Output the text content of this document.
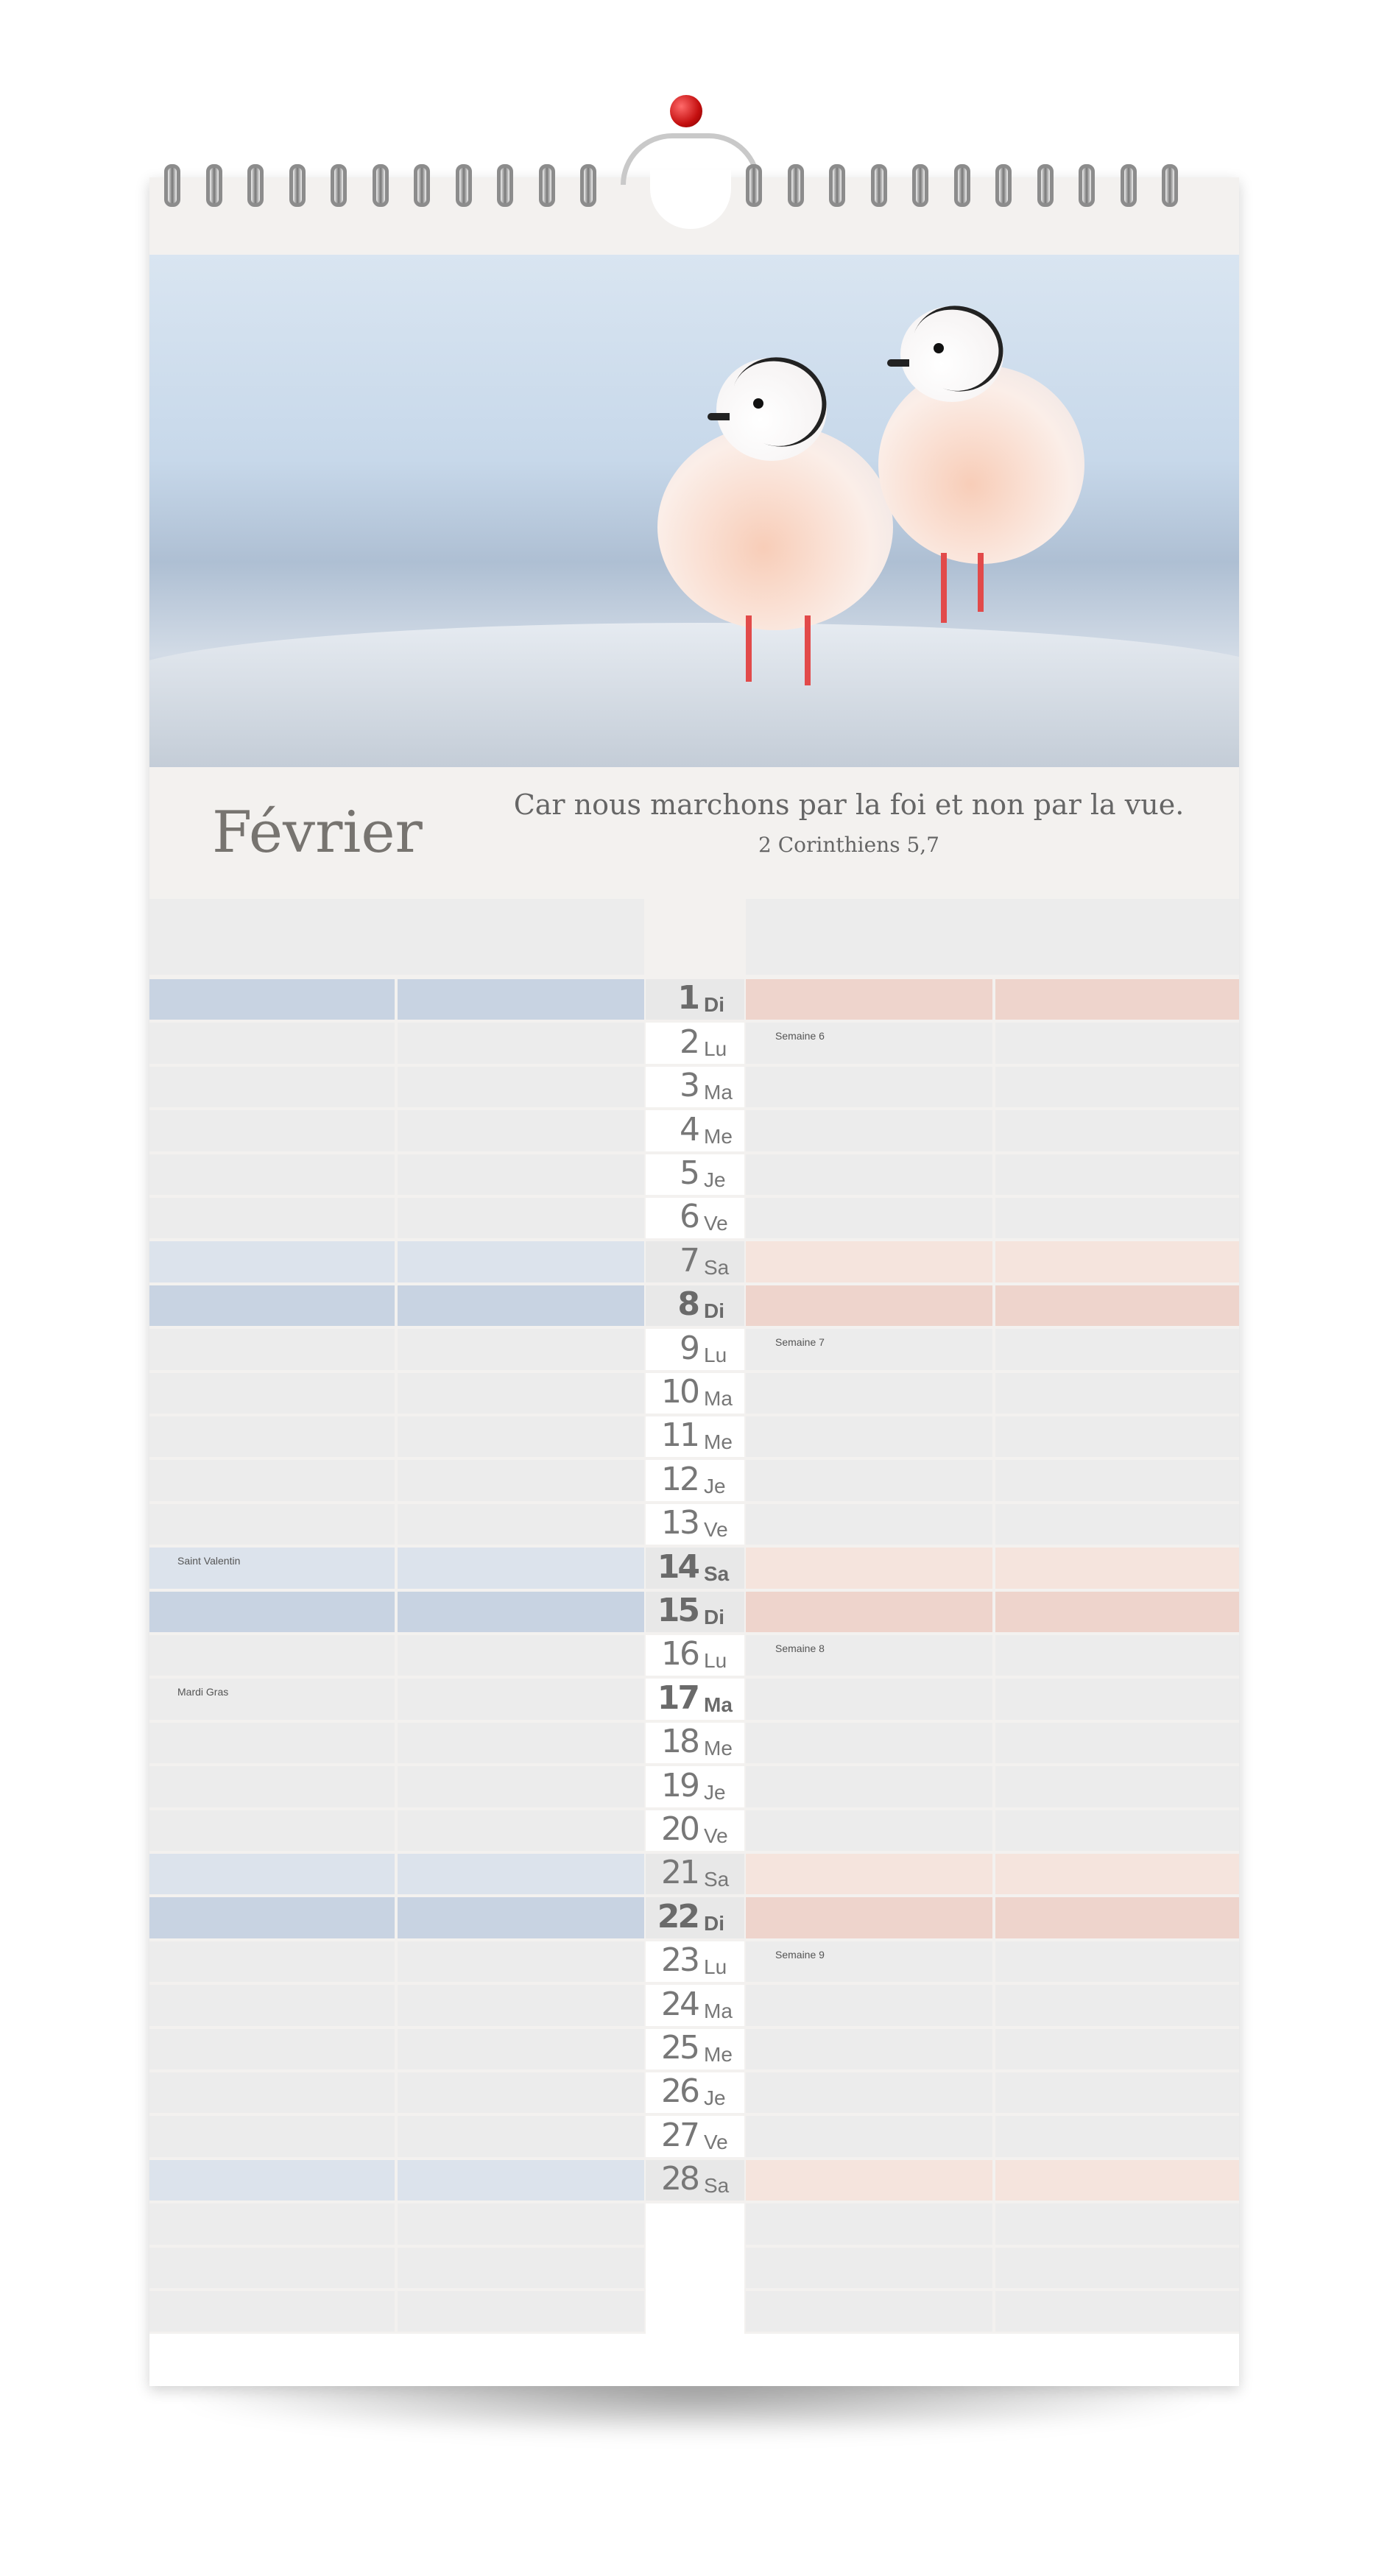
Février	Car nous marchons par la foi et non par la vue.
2 Corinthiens 5,7
1 Di
2 Lu
Semaine 6
3 Ma
4 Me
5 Je
6 Ve
7 Sa
8 Di
9 Lu
Semaine 7
10 Ma
11 Me
12 Je
13 Ve
14 Sa
Saint Valentin
15 Di
16 Lu
Semaine 8
17 Ma
Mardi Gras
18 Me
19 Je
20 Ve
21 Sa
22 Di
23 Lu
Semaine 9
24 Ma
25 Me
26 Je
27 Ve
28 Sa
